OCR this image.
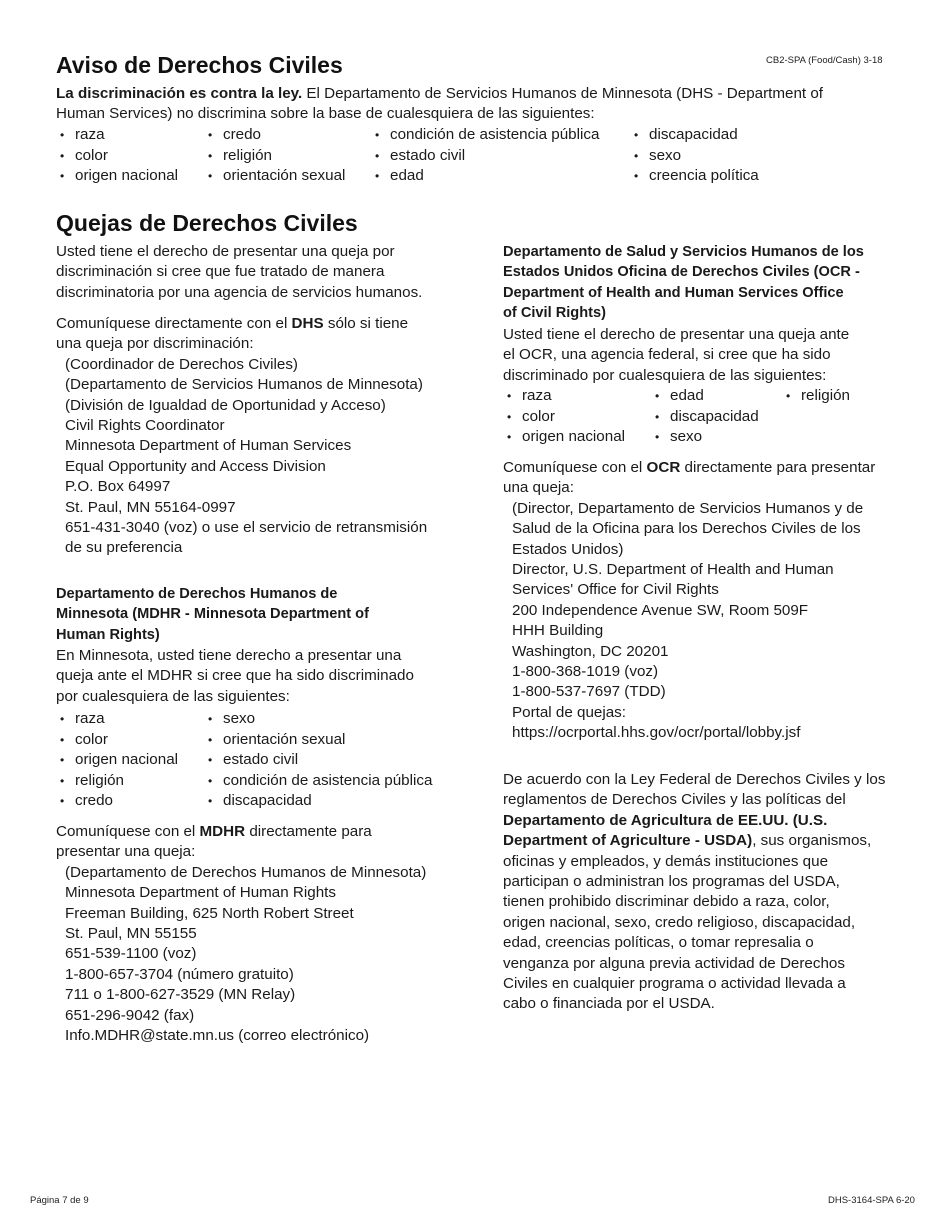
CB2-SPA (Food/Cash) 3-18
Aviso de Derechos Civiles
La discriminación es contra la ley. El Departamento de Servicios Humanos de Minnesota (DHS - Department of
Human Services) no discrimina sobre la base de cualesquiera de las siguientes:
• raza
• color
• origen nacional
• credo
• religión
• orientación sexual
• condición de asistencia pública
• estado civil
• edad
• discapacidad
• sexo
• creencia política
Quejas de Derechos Civiles
Usted tiene el derecho de presentar una queja por
discriminación si cree que fue tratado de manera
discriminatoria por una agencia de servicios humanos.
Comuníquese directamente con el DHS sólo si tiene
una queja por discriminación:
(Coordinador de Derechos Civiles)
(Departamento de Servicios Humanos de Minnesota)
(División de Igualdad de Oportunidad y Acceso)
Civil Rights Coordinator
Minnesota Department of Human Services
Equal Opportunity and Access Division
P.O. Box 64997
St. Paul, MN 55164-0997
651-431-3040 (voz) o use el servicio de retransmisión
de su preferencia
Departamento de Derechos Humanos de
Minnesota (MDHR - Minnesota Department of
Human Rights)
En Minnesota, usted tiene derecho a presentar una
queja ante el MDHR si cree que ha sido discriminado
por cualesquiera de las siguientes:
• raza
• color
• origen nacional
• religión
• credo
• sexo
• orientación sexual
• estado civil
• condición de asistencia pública
• discapacidad
Comuníquese con el MDHR directamente para
presentar una queja:
(Departamento de Derechos Humanos de Minnesota)
Minnesota Department of Human Rights
Freeman Building, 625 North Robert Street
St. Paul, MN 55155
651-539-1100 (voz)
1-800-657-3704 (número gratuito)
711 o 1-800-627-3529 (MN Relay)
651-296-9042 (fax)
Info.MDHR@state.mn.us (correo electrónico)
Departamento de Salud y Servicios Humanos de los
Estados Unidos Oficina de Derechos Civiles (OCR -
Department of Health and Human Services Office
of Civil Rights)
Usted tiene el derecho de presentar una queja ante
el OCR, una agencia federal, si cree que ha sido
discriminado por cualesquiera de las siguientes:
• raza
• color
• origen nacional
• edad
• discapacidad
• sexo
• religión
Comuníquese con el OCR directamente para presentar
una queja:
(Director, Departamento de Servicios Humanos y de
Salud de la Oficina para los Derechos Civiles de los
Estados Unidos)
Director, U.S. Department of Health and Human
Services' Office for Civil Rights
200 Independence Avenue SW, Room 509F
HHH Building
Washington, DC 20201
1-800-368-1019 (voz)
1-800-537-7697 (TDD)
Portal de quejas:
https://ocrportal.hhs.gov/ocr/portal/lobby.jsf
De acuerdo con la Ley Federal de Derechos Civiles y los
reglamentos de Derechos Civiles y las políticas del
Departamento de Agricultura de EE.UU. (U.S.
Department of Agriculture - USDA), sus organismos,
oficinas y empleados, y demás instituciones que
participan o administran los programas del USDA,
tienen prohibido discriminar debido a raza, color,
origen nacional, sexo, credo religioso, discapacidad,
edad, creencias políticas, o tomar represalia o
venganza por alguna previa actividad de Derechos
Civiles en cualquier programa o actividad llevada a
cabo o financiada por el USDA.
Página 7 de 9	DHS-3164-SPA 6-20
